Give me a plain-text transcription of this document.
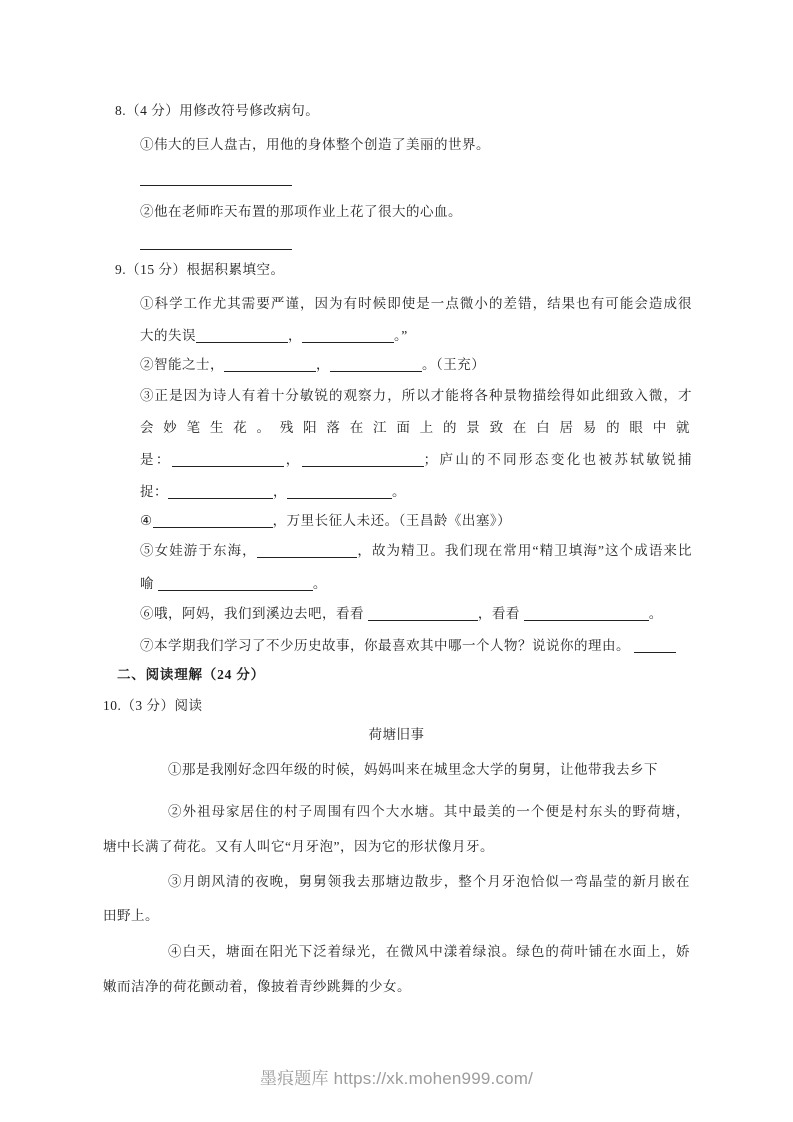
8.（4 分）用修改符号修改病句。
①伟大的巨人盘古，用他的身体整个创造了美丽的世界。
②他在老师昨天布置的那项作业上花了很大的心血。
9.（15 分）根据积累填空。
①科学工作尤其需要严谨，因为有时候即使是一点微小的差错，结果也有可能会造成很
大的失误	，	。”
②智能之士，	，	。（王充）
③正是因为诗人有着十分敏锐的观察力，所以才能将各种景物描绘得如此细致入微，才
会妙笔生花。残阳落在江面上的景致在白居易的眼中就
是：	，	；庐山的不同形态变化也被苏轼敏锐捕
捉：	，	。
④	，万里长征人未还。（王昌龄《出塞》）
⑤女娃游于东海，	，故为精卫。我们现在常用“精卫填海”这个成语来比
喻	。
⑥哦，阿妈，我们到溪边去吧，看看	，看看	。
⑦本学期我们学习了不少历史故事，你最喜欢其中哪一个人物？说说你的理由。
二、阅读理解（24 分）
10.（3 分）阅读
荷塘旧事
①那是我刚好念四年级的时候，妈妈叫来在城里念大学的舅舅，让他带我去乡下
②外祖母家居住的村子周围有四个大水塘。其中最美的一个便是村东头的野荷塘，
塘中长满了荷花。又有人叫它“月牙泡”，因为它的形状像月牙。
③月朗风清的夜晚，舅舅领我去那塘边散步，整个月牙泡恰似一弯晶莹的新月嵌在
田野上。
④白天，塘面在阳光下泛着绿光，在微风中漾着绿浪。绿色的荷叶铺在水面上，娇
嫩而洁净的荷花颤动着，像披着青纱跳舞的少女。
墨痕题库 https://xk.mohen999.com/
